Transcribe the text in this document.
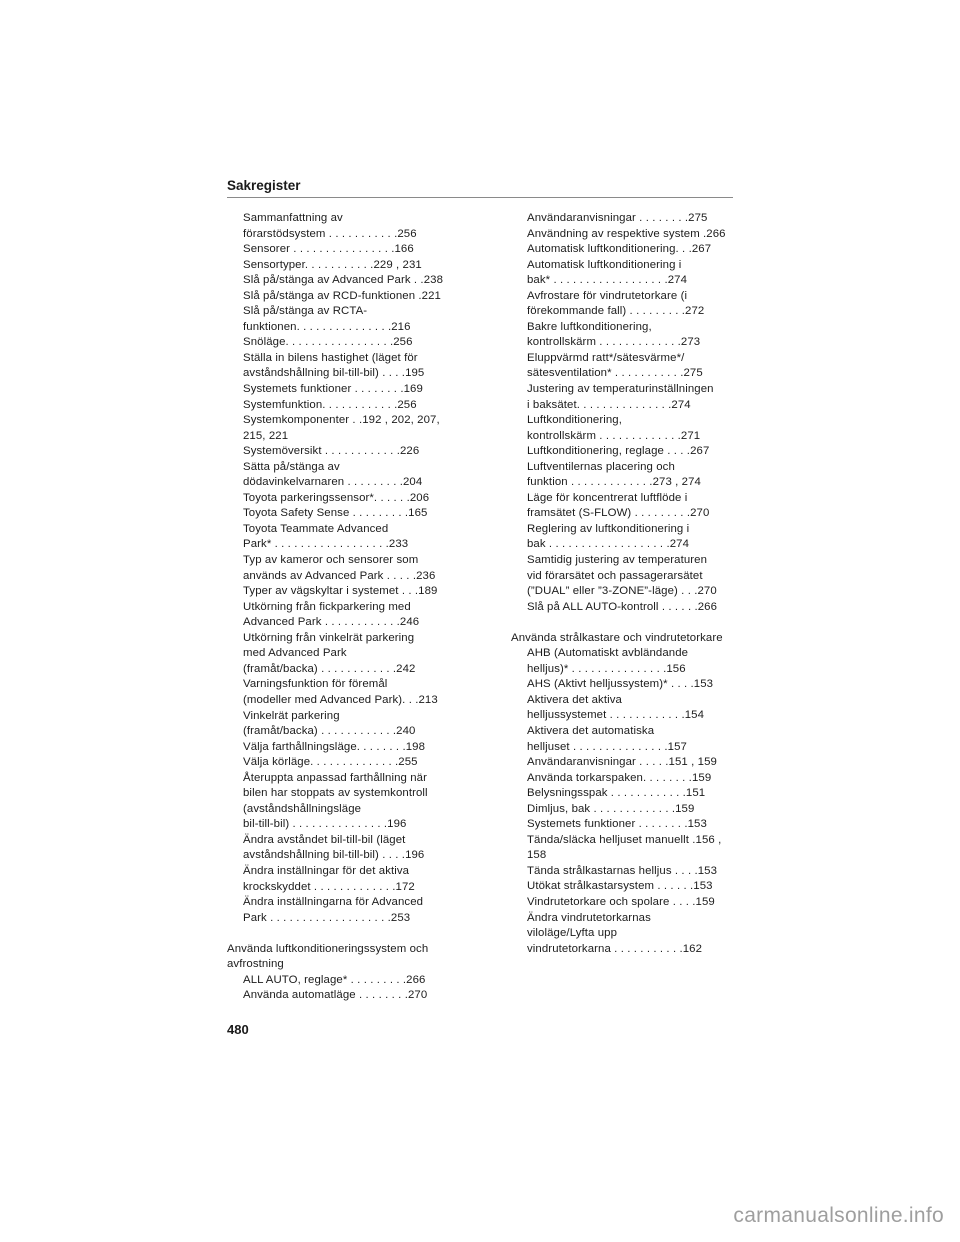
Sakregister
Sammanfattning av
förarstödsystem . . . . . . . . . . .256
Sensorer . . . . . . . . . . . . . . . .166
Sensortyper. . . . . . . . . . .229 , 231
Slå på/stänga av Advanced Park . .238
Slå på/stänga av RCD-funktionen .221
Slå på/stänga av RCTA-
funktionen. . . . . . . . . . . . . . .216
Snöläge. . . . . . . . . . . . . . . . .256
Ställa in bilens hastighet (läget för
avståndshållning bil-till-bil) . . . .195
Systemets funktioner . . . . . . . .169
Systemfunktion. . . . . . . . . . . .256
Systemkomponenter . .192 , 202, 207,
215, 221
Systemöversikt . . . . . . . . . . . .226
Sätta på/stänga av
dödavinkelvarnaren . . . . . . . . .204
Toyota parkeringssensor*. . . . . .206
Toyota Safety Sense . . . . . . . . .165
Toyota Teammate Advanced
Park* . . . . . . . . . . . . . . . . . .233
Typ av kameror och sensorer som
används av Advanced Park . . . . .236
Typer av vägskyltar i systemet . . .189
Utkörning från fickparkering med
Advanced Park . . . . . . . . . . . .246
Utkörning från vinkelrät parkering
med Advanced Park
(framåt/backa) . . . . . . . . . . . .242
Varningsfunktion för föremål
(modeller med Advanced Park). . .213
Vinkelrät parkering
(framåt/backa) . . . . . . . . . . . .240
Välja farthållningsläge. . . . . . . .198
Välja körläge. . . . . . . . . . . . . .255
Återuppta anpassad farthållning när
bilen har stoppats av systemkontroll
(avståndshållningsläge
bil-till-bil) . . . . . . . . . . . . . . .196
Ändra avståndet bil-till-bil (läget
avståndshållning bil-till-bil) . . . .196
Ändra inställningar för det aktiva
krockskyddet . . . . . . . . . . . . .172
Ändra inställningarna för Advanced
Park . . . . . . . . . . . . . . . . . . .253
Använda luftkonditioneringssystem och
avfrostning
ALL AUTO, reglage* . . . . . . . . .266
Använda automatläge . . . . . . . .270
Användaranvisningar . . . . . . . .275
Användning av respektive system .266
Automatisk luftkonditionering. . .267
Automatisk luftkonditionering i
bak* . . . . . . . . . . . . . . . . . .274
Avfrostare för vindrutetorkare (i
förekommande fall) . . . . . . . . .272
Bakre luftkonditionering,
kontrollskärm . . . . . . . . . . . . .273
Eluppvärmd ratt*/sätesvärme*/
sätesventilation* . . . . . . . . . . .275
Justering av temperaturinställningen
i baksätet. . . . . . . . . . . . . . .274
Luftkonditionering,
kontrollskärm . . . . . . . . . . . . .271
Luftkonditionering, reglage . . . .267
Luftventilernas placering och
funktion . . . . . . . . . . . . .273 , 274
Läge för koncentrerat luftflöde i
framsätet (S-FLOW) . . . . . . . . .270
Reglering av luftkonditionering i
bak . . . . . . . . . . . . . . . . . . .274
Samtidig justering av temperaturen
vid förarsätet och passagerarsätet
(”DUAL” eller ”3-ZONE”-läge) . . .270
Slå på ALL AUTO-kontroll . . . . . .266
Använda strålkastare och vindrutetorkare
AHB (Automatiskt avbländande
helljus)* . . . . . . . . . . . . . . .156
AHS (Aktivt helljussystem)* . . . .153
Aktivera det aktiva
helljussystemet . . . . . . . . . . . .154
Aktivera det automatiska
helljuset . . . . . . . . . . . . . . .157
Användaranvisningar . . . . .151 , 159
Använda torkarspaken. . . . . . . .159
Belysningsspak . . . . . . . . . . . .151
Dimljus, bak . . . . . . . . . . . . .159
Systemets funktioner . . . . . . . .153
Tända/släcka helljuset manuellt .156 ,
158
Tända strålkastarnas helljus . . . .153
Utökat strålkastarsystem . . . . . .153
Vindrutetorkare och spolare . . . .159
Ändra vindrutetorkarnas
viloläge/Lyfta upp
vindrutetorkarna . . . . . . . . . . .162
480
carmanualsonline.info
